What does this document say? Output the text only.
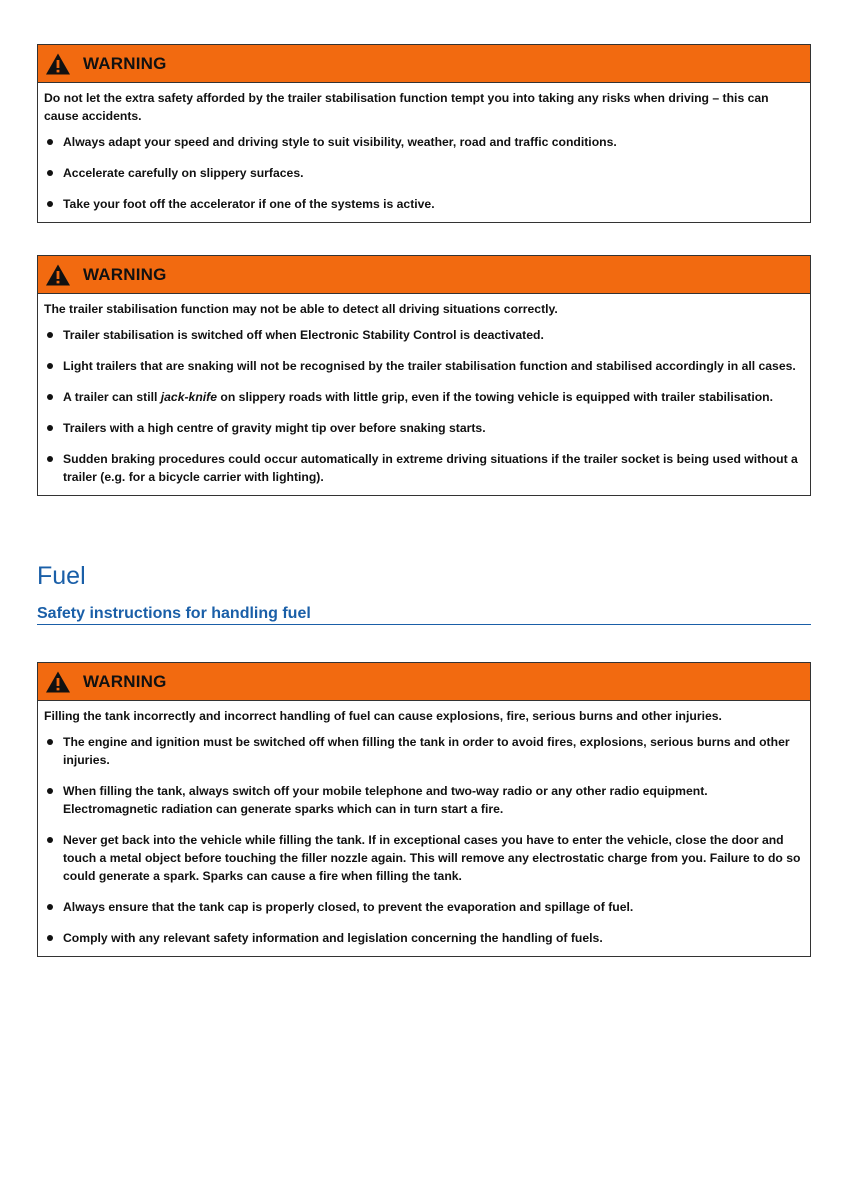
WARNING
Do not let the extra safety afforded by the trailer stabilisation function tempt you into taking any risks when driving – this can cause accidents.
Always adapt your speed and driving style to suit visibility, weather, road and traffic conditions.
Accelerate carefully on slippery surfaces.
Take your foot off the accelerator if one of the systems is active.
WARNING
The trailer stabilisation function may not be able to detect all driving situations correctly.
Trailer stabilisation is switched off when Electronic Stability Control is deactivated.
Light trailers that are snaking will not be recognised by the trailer stabilisation function and stabilised accordingly in all cases.
A trailer can still jack-knife on slippery roads with little grip, even if the towing vehicle is equipped with trailer stabilisation.
Trailers with a high centre of gravity might tip over before snaking starts.
Sudden braking procedures could occur automatically in extreme driving situations if the trailer socket is being used without a trailer (e.g. for a bicycle carrier with lighting).
Fuel
Safety instructions for handling fuel
WARNING
Filling the tank incorrectly and incorrect handling of fuel can cause explosions, fire, serious burns and other injuries.
The engine and ignition must be switched off when filling the tank in order to avoid fires, explosions, serious burns and other injuries.
When filling the tank, always switch off your mobile telephone and two-way radio or any other radio equipment. Electromagnetic radiation can generate sparks which can in turn start a fire.
Never get back into the vehicle while filling the tank. If in exceptional cases you have to enter the vehicle, close the door and touch a metal object before touching the filler nozzle again. This will remove any electrostatic charge from you. Failure to do so could generate a spark. Sparks can cause a fire when filling the tank.
Always ensure that the tank cap is properly closed, to prevent the evaporation and spillage of fuel.
Comply with any relevant safety information and legislation concerning the handling of fuels.
